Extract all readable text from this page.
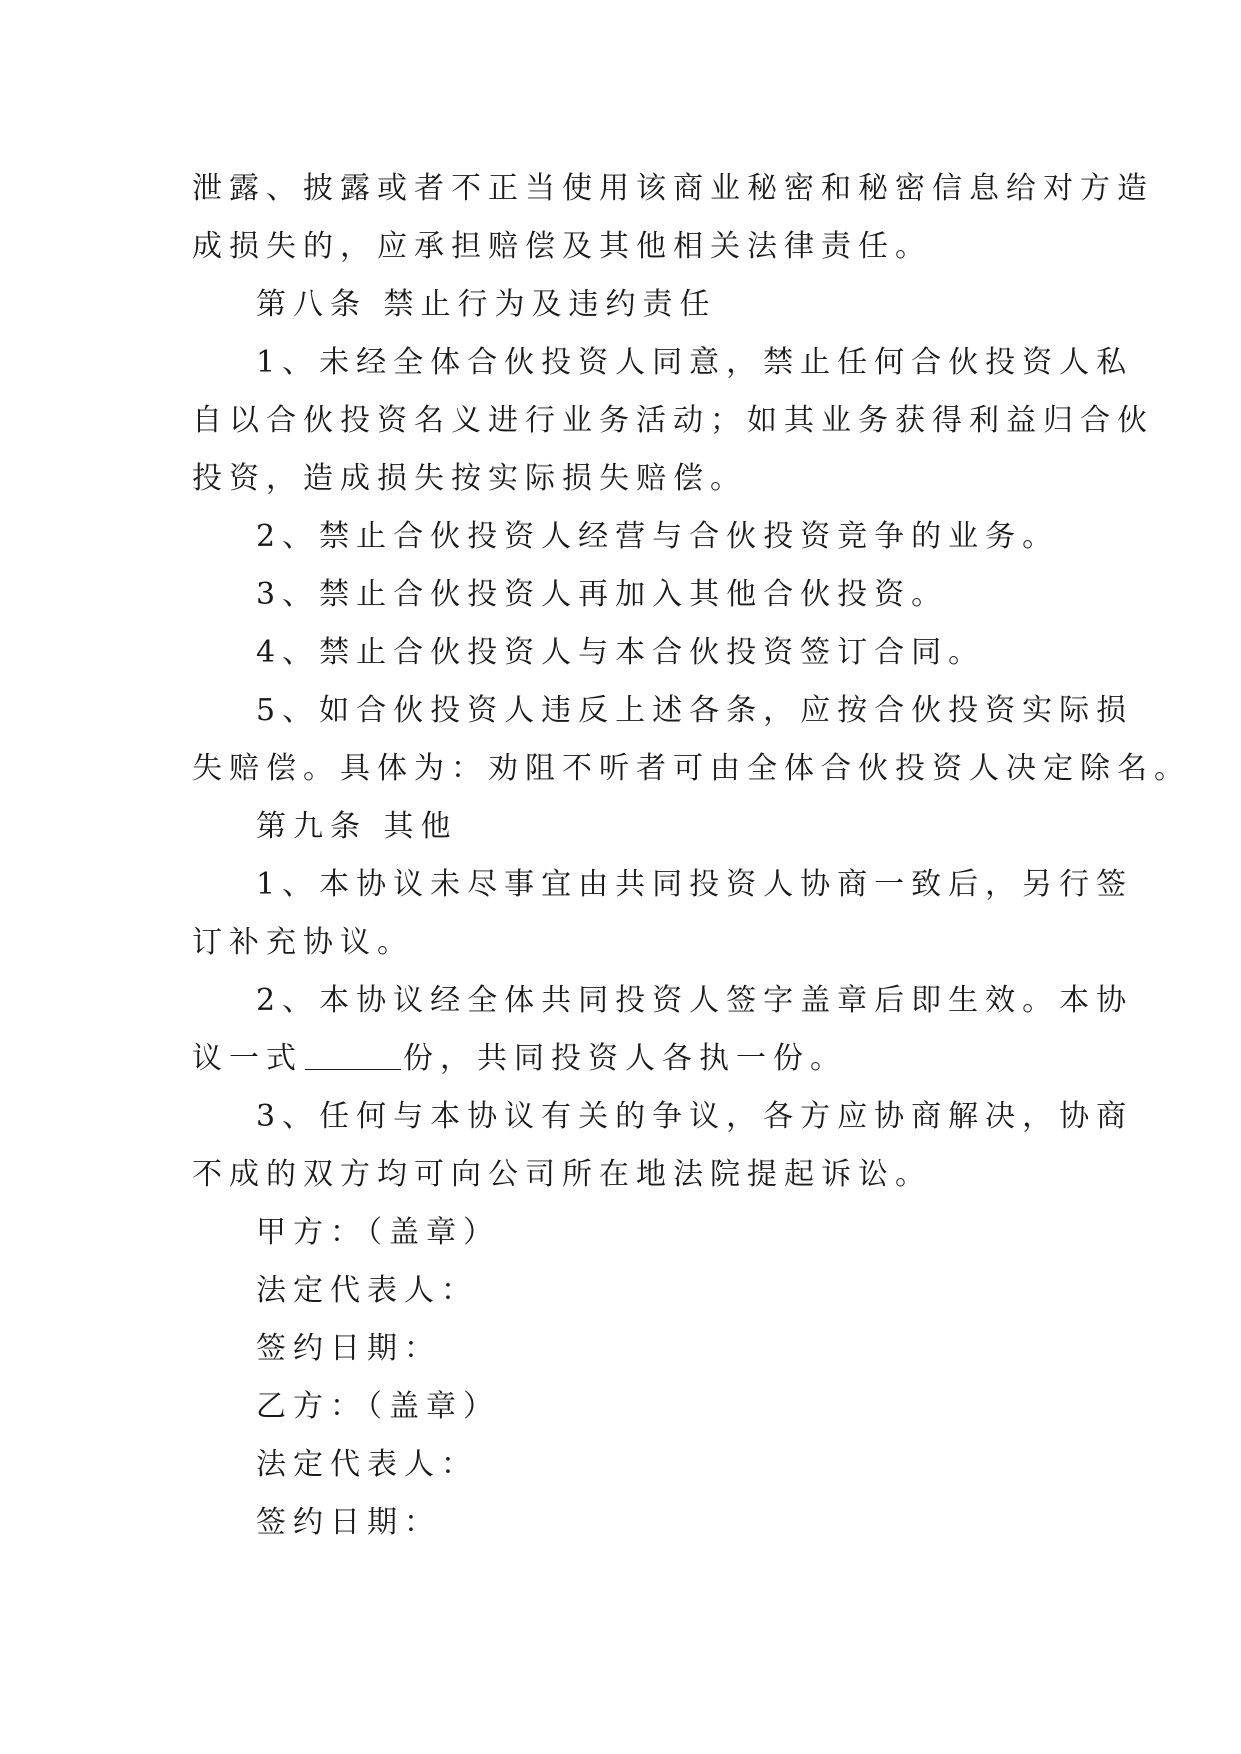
泄露、披露或者不正当使用该商业秘密和秘密信息给对方造
成损失的，应承担赔偿及其他相关法律责任。
第八条 禁止行为及违约责任
1、未经全体合伙投资人同意，禁止任何合伙投资人私
自以合伙投资名义进行业务活动；如其业务获得利益归合伙
投资，造成损失按实际损失赔偿。
2、禁止合伙投资人经营与合伙投资竞争的业务。
3、禁止合伙投资人再加入其他合伙投资。
4、禁止合伙投资人与本合伙投资签订合同。
5、如合伙投资人违反上述各条，应按合伙投资实际损
失赔偿。具体为：劝阻不听者可由全体合伙投资人决定除名。
第九条 其他
1、本协议未尽事宜由共同投资人协商一致后，另行签
订补充协议。
2、本协议经全体共同投资人签字盖章后即生效。本协
议一式	份，共同投资人各执一份。
3、任何与本协议有关的争议，各方应协商解决，协商
不成的双方均可向公司所在地法院提起诉讼。
甲方：（盖章）
法定代表人：
签约日期：
乙方：（盖章）
法定代表人：
签约日期：
